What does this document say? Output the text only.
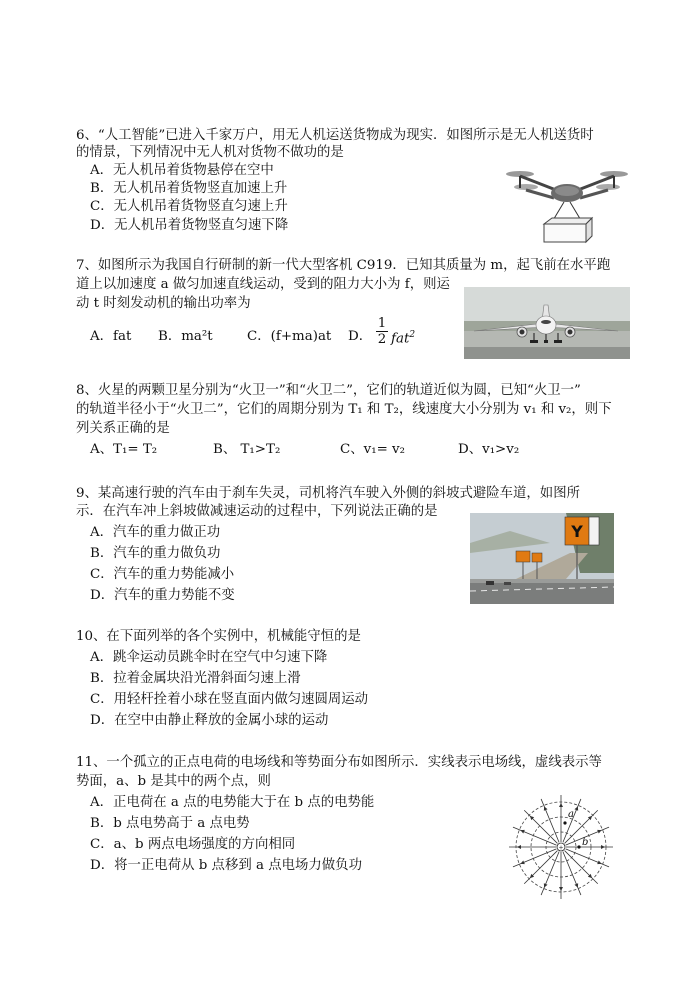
6、“人工智能”已进入千家万户，用无人机运送货物成为现实．如图所示是无人机送货时
的情景，下列情况中无人机对货物不做功的是
A．无人机吊着货物悬停在空中
B．无人机吊着货物竖直加速上升
C．无人机吊着货物竖直匀速上升
D．无人机吊着货物竖直匀速下降
7、如图所示为我国自行研制的新一代大型客机 C919．已知其质量为 m，起飞前在水平跑
道上以加速度 a 做匀加速直线运动，受到的阻力大小为 f，则运
动 t 时刻发动机的输出功率为
A．fat B．ma²t	C．(f+ma)at D．
1
2 fat$^2$
8、火星的两颗卫星分别为“火卫一”和“火卫二”，它们的轨道近似为圆，已知“火卫一”
的轨道半径小于“火卫二”，它们的周期分别为 T₁ 和 T₂，线速度大小分别为 v₁ 和 v₂，则下
列关系正确的是
A、T₁= T₂	B、 T₁>T₂	C、v₁= v₂	D、v₁>v₂
9、某高速行驶的汽车由于刹车失灵，司机将汽车驶入外侧的斜坡式避险车道，如图所
示．在汽车冲上斜坡做减速运动的过程中，下列说法正确的是
A．汽车的重力做正功
B．汽车的重力做负功
C．汽车的重力势能减小
D．汽车的重力势能不变
Y
10、在下面列举的各个实例中，机械能守恒的是
A．跳伞运动员跳伞时在空气中匀速下降
B．拉着金属块沿光滑斜面匀速上滑
C．用轻杆拴着小球在竖直面内做匀速圆周运动
D．在空中由静止释放的金属小球的运动
11、一个孤立的正点电荷的电场线和等势面分布如图所示．实线表示电场线，虚线表示等
势面，a、b 是其中的两个点，则
A．正电荷在 a 点的电势能大于在 b 点的电势能
B．b 点电势高于 a 点电势
C．a、b 两点电场强度的方向相同
D．将一正电荷从 b 点移到 a 点电场力做负功
+
a
b
